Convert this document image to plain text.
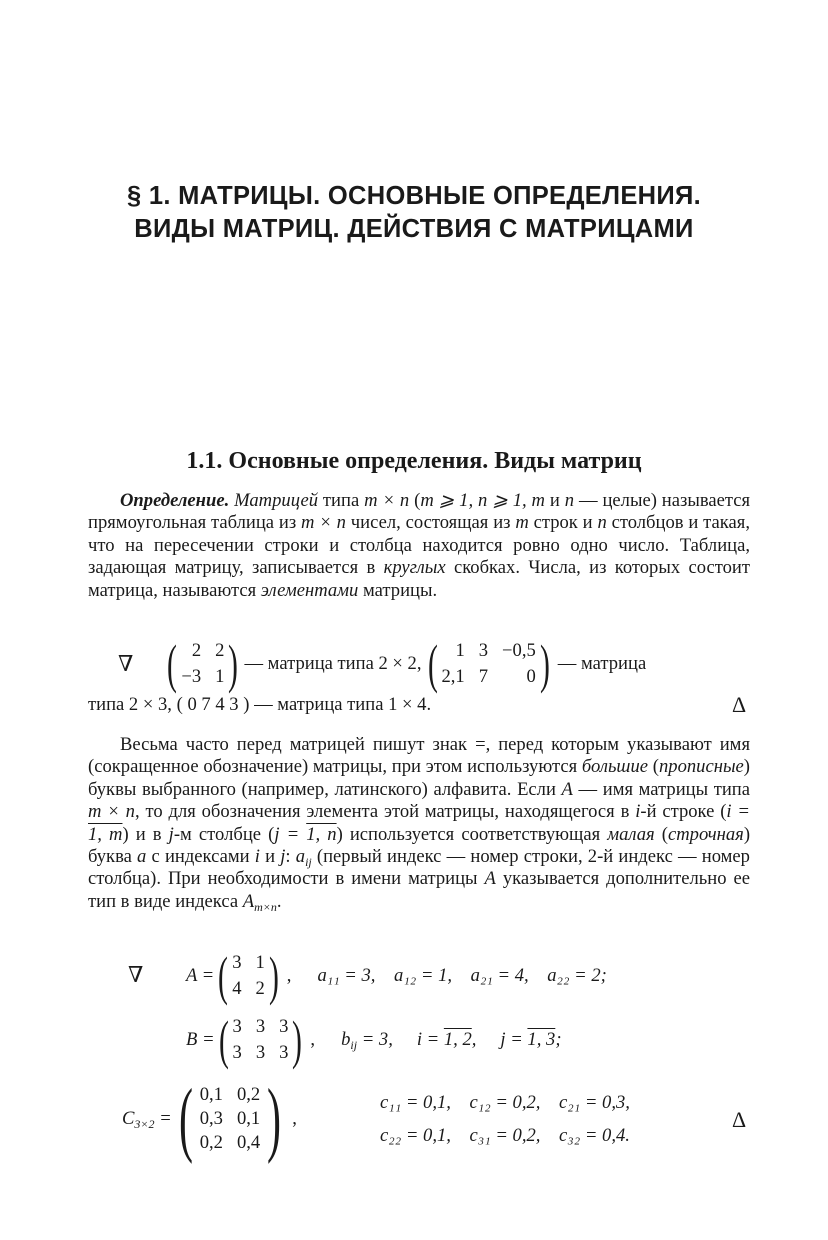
§ 1. МАТРИЦЫ. ОСНОВНЫЕ ОПРЕДЕЛЕНИЯ.
ВИДЫ МАТРИЦ. ДЕЙСТВИЯ С МАТРИЦАМИ
1.1. Основные определения. Виды матриц

Определение. Матрицей типа m × n (m ⩾ 1, n ⩾ 1, m и n — целые) называется прямоугольная таблица из m × n чисел, состоящая из m строк и n столбцов и такая, что на пересечении строки и столбца находится ровно одно число. Таблица, задающая матрицу, записывается в круглых скобках. Числа, из которых состоит матрица, называются элементами матрицы.

∇ ( 2 2
−3 1 ) — матрица типа 2 × 2, ( 1 3 −0,5
2,1 7	0 ) — матрица
типа 2 × 3, ( 0 7 4 3 ) — матрица типа 1 × 4.	Δ

Весьма часто перед матрицей пишут знак =, перед которым указывают имя (сокращенное обозначение) матрицы, при этом используются большие (прописные) буквы выбранного (например, латинского) алфавита. Если A — имя матрицы типа m × n, то для обозначения элемента этой матрицы, находящегося в i-й строке (i = 1, m) и в j-м столбце (j = 1, n) используется соответствующая малая (строчная) буква a с индексами i и j: $a_{ij}$ (первый индекс — номер строки, 2-й индекс — номер столбца). При необходимости в имени матрицы A указывается дополнительно ее тип в виде индекса $A_{m\times n}$.

∇ A = ( 3 1
4 2 ) , a₁₁ = 3,    a₁₂ = 1,    a₂₁ = 4,    a₂₂ = 2;
B = ( 3 3 3
3 3 3 ) , $b_{ij} = 3$, i = 1, 2, j = 1, 3;
$C_{3\times 2}$ = ( 0,1 0,2
0,3 0,1
0,2 0,4 ) ,
c₁₁ = 0,1,    c₁₂ = 0,2,    c₂₁ = 0,3,
c₂₂ = 0,1,    c₃₁ = 0,2,    c₃₂ = 0,4.
Δ
